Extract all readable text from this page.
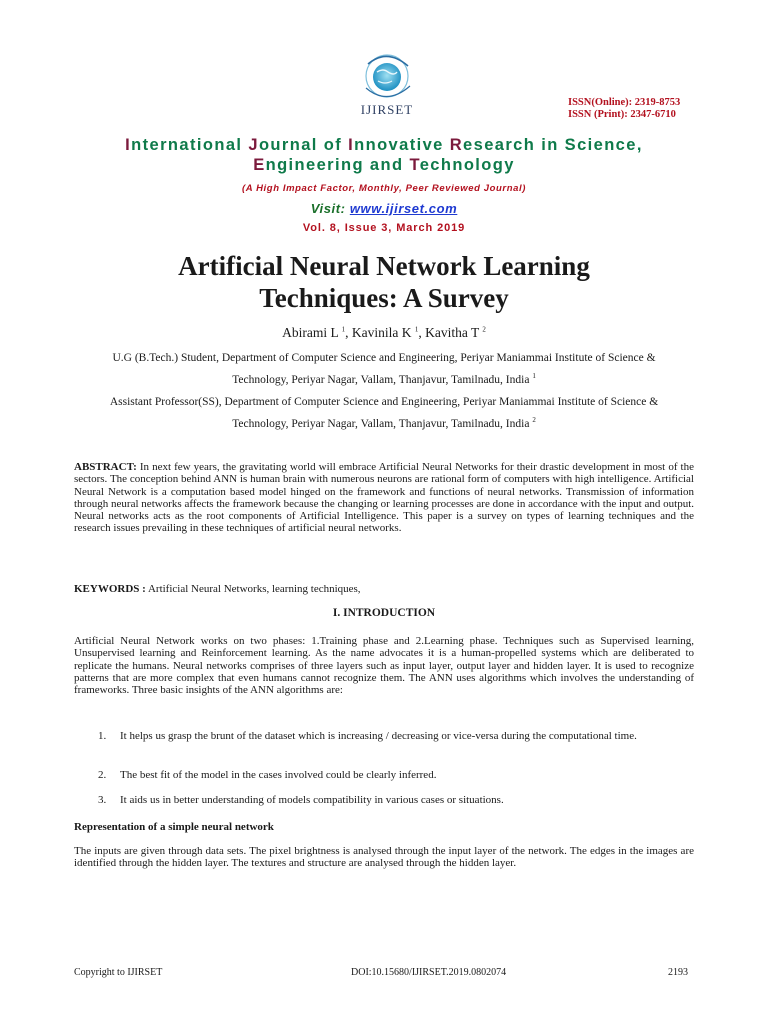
IJIRSET	ISSN(Online): 2319-8753
ISSN (Print): 2347-6710
International Journal of Innovative Research in Science,
Engineering and Technology
(A High Impact Factor, Monthly, Peer Reviewed Journal)
Visit: www.ijirset.com
Vol. 8, Issue 3, March 2019
Artificial Neural Network Learning
Techniques: A Survey
Abirami L $^1$, Kavinila K $^1$, Kavitha T $^2$
U.G (B.Tech.) Student, Department of Computer Science and Engineering, Periyar Maniammai Institute of Science &
Technology, Periyar Nagar, Vallam, Thanjavur, Tamilnadu, India $^1$
Assistant Professor(SS), Department of Computer Science and Engineering, Periyar Maniammai Institute of Science &
Technology, Periyar Nagar, Vallam, Thanjavur, Tamilnadu, India $^2$
ABSTRACT: In next few years, the gravitating world will embrace Artificial Neural Networks for their drastic development in most of the sectors. The conception behind ANN is human brain with numerous neurons are rational form of computers with high intelligence. Artificial Neural Network is a computation based model hinged on the framework and functions of neural networks. Transmission of information through neural networks affects the framework because the changing or learning processes are done in accordance with the input and output. Neural networks acts as the root components of Artificial Intelligence. This paper is a survey on types of learning techniques and the research issues prevailing in these techniques of artificial neural networks.
KEYWORDS : Artificial Neural Networks, learning techniques,
I. INTRODUCTION
Artificial Neural Network works on two phases: 1.Training phase and 2.Learning phase. Techniques such as Supervised learning, Unsupervised learning and Reinforcement learning. As the name advocates it is a human-propelled systems which are deliberated to replicate the humans. Neural networks comprises of three layers such as input layer, output layer and hidden layer. It is used to recognize patterns that are more complex that even humans cannot recognize them. The ANN uses algorithms which involves the understanding of frameworks. Three basic insights of the ANN algorithms are:
1. It helps us grasp the brunt of the dataset which is increasing / decreasing or vice-versa during the computational time.
2. The best fit of the model in the cases involved could be clearly inferred.
3. It aids us in better understanding of models compatibility in various cases or situations.
Representation of a simple neural network
The inputs are given through data sets. The pixel brightness is analysed through the input layer of the network. The edges in the images are identified through the hidden layer. The textures and structure are analysed through the hidden layer.
Copyright to IJIRSET	DOI:10.15680/IJIRSET.2019.0802074	2193
